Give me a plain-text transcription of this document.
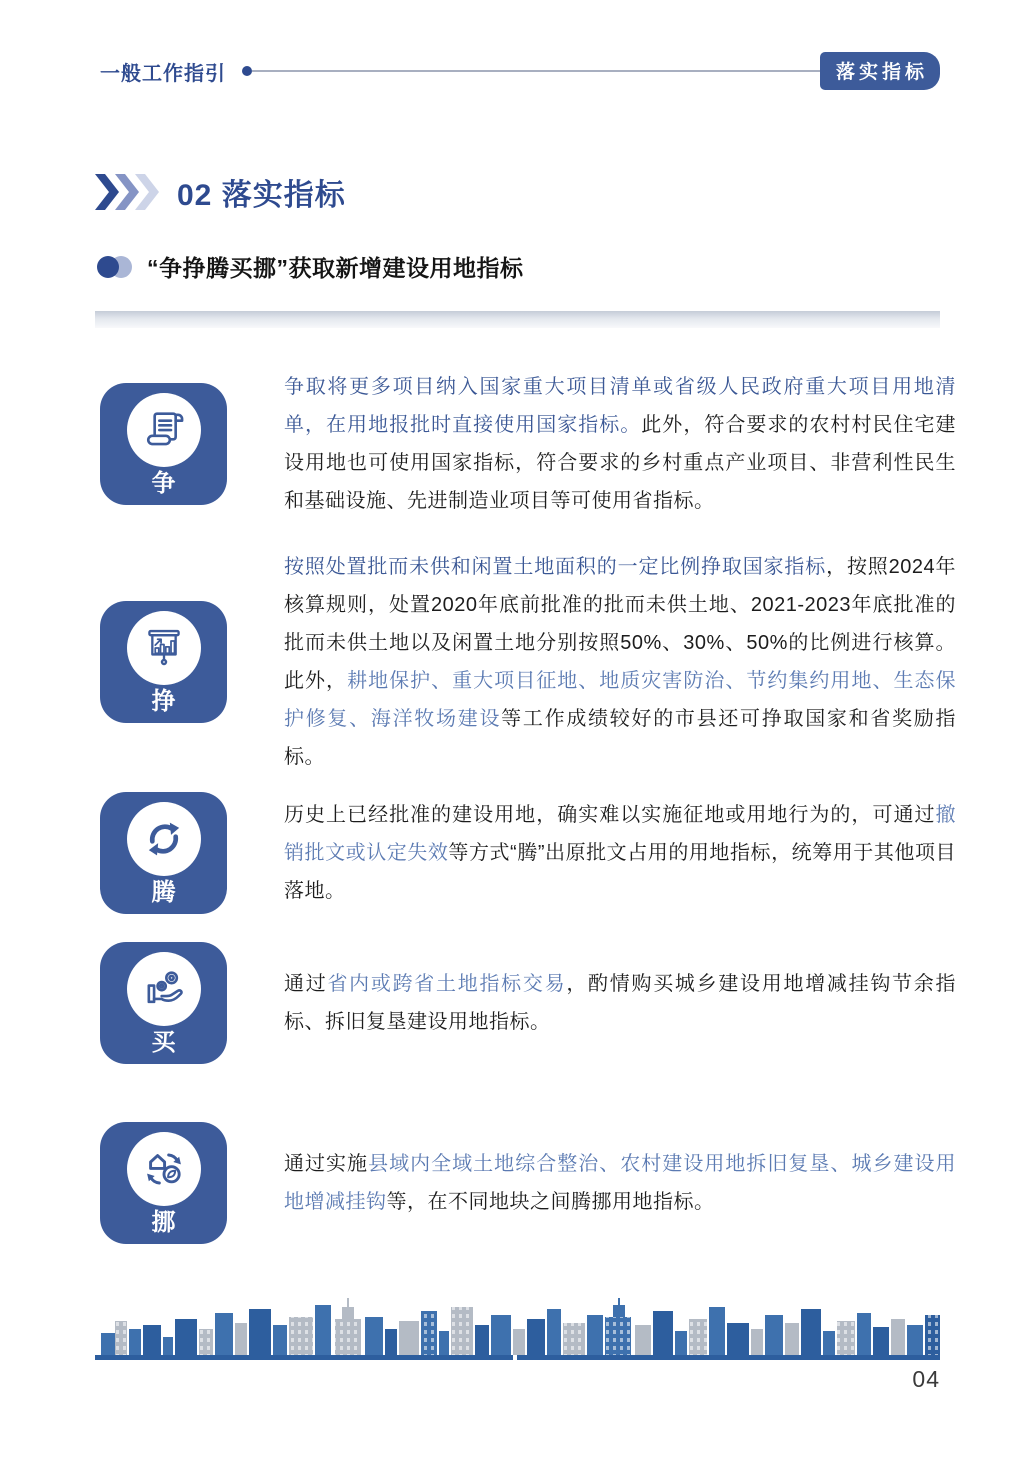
一般工作指引	落实指标
02 落实指标
“争挣腾买挪”获取新增建设用地指标
争

争取将更多项目纳入国家重大项目清单或省级人民政府重大项目用地清单，在用地报批时直接使用国家指标。此外，符合要求的农村村民住宅建设用地也可使用国家指标，符合要求的乡村重点产业项目、非营利性民生和基础设施、先进制造业项目等可使用省指标。

挣

按照处置批而未供和闲置土地面积的一定比例挣取国家指标，按照2024年核算规则，处置2020年底前批准的批而未供土地、2021-2023年底批准的批而未供土地以及闲置土地分别按照50%、30%、50%的比例进行核算。此外，耕地保护、重大项目征地、地质灾害防治、节约集约用地、生态保护修复、海洋牧场建设等工作成绩较好的市县还可挣取国家和省奖励指标。

腾

历史上已经批准的建设用地，确实难以实施征地或用地行为的，可通过撤销批文或认定失效等方式“腾”出原批文占用的用地指标，统筹用于其他项目落地。

买

通过省内或跨省土地指标交易，酌情购买城乡建设用地增减挂钩节余指标、拆旧复垦建设用地指标。

挪

通过实施县域内全域土地综合整治、农村建设用地拆旧复垦、城乡建设用地增减挂钩等，在不同地块之间腾挪用地指标。

04
